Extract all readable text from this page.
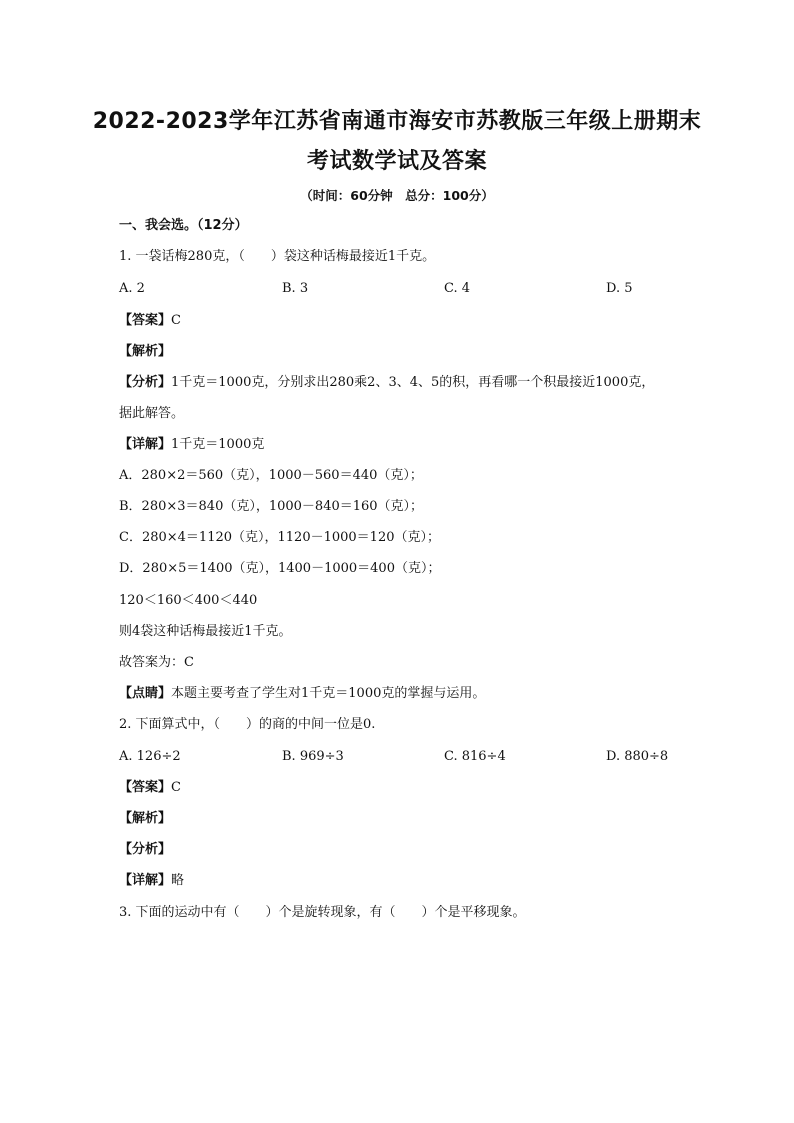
2022-2023学年江苏省南通市海安市苏教版三年级上册期末
考试数学试及答案
（时间：60分钟　总分：100分）
一、我会选。（12分）
1. 一袋话梅280克，（　　）袋这种话梅最接近1千克。
A. 2	B. 3	C. 4	D. 5
【答案】C
【解析】
【分析】1千克＝1000克，分别求出280乘2、3、4、5的积，再看哪一个积最接近1000克，
据此解答。
【详解】1千克＝1000克
A．280×2＝560（克），1000－560＝440（克）；
B．280×3＝840（克），1000－840＝160（克）；
C．280×4＝1120（克），1120－1000＝120（克）；
D．280×5＝1400（克），1400－1000＝400（克）；
120＜160＜400＜440
则4袋这种话梅最接近1千克。
故答案为：C
【点睛】本题主要考查了学生对1千克＝1000克的掌握与运用。
2. 下面算式中，（　　）的商的中间一位是0.
A. 126÷2	B. 969÷3	C. 816÷4	D. 880÷8
【答案】C
【解析】
【分析】
【详解】略
3. 下面的运动中有（　　）个是旋转现象，有（　　）个是平移现象。
